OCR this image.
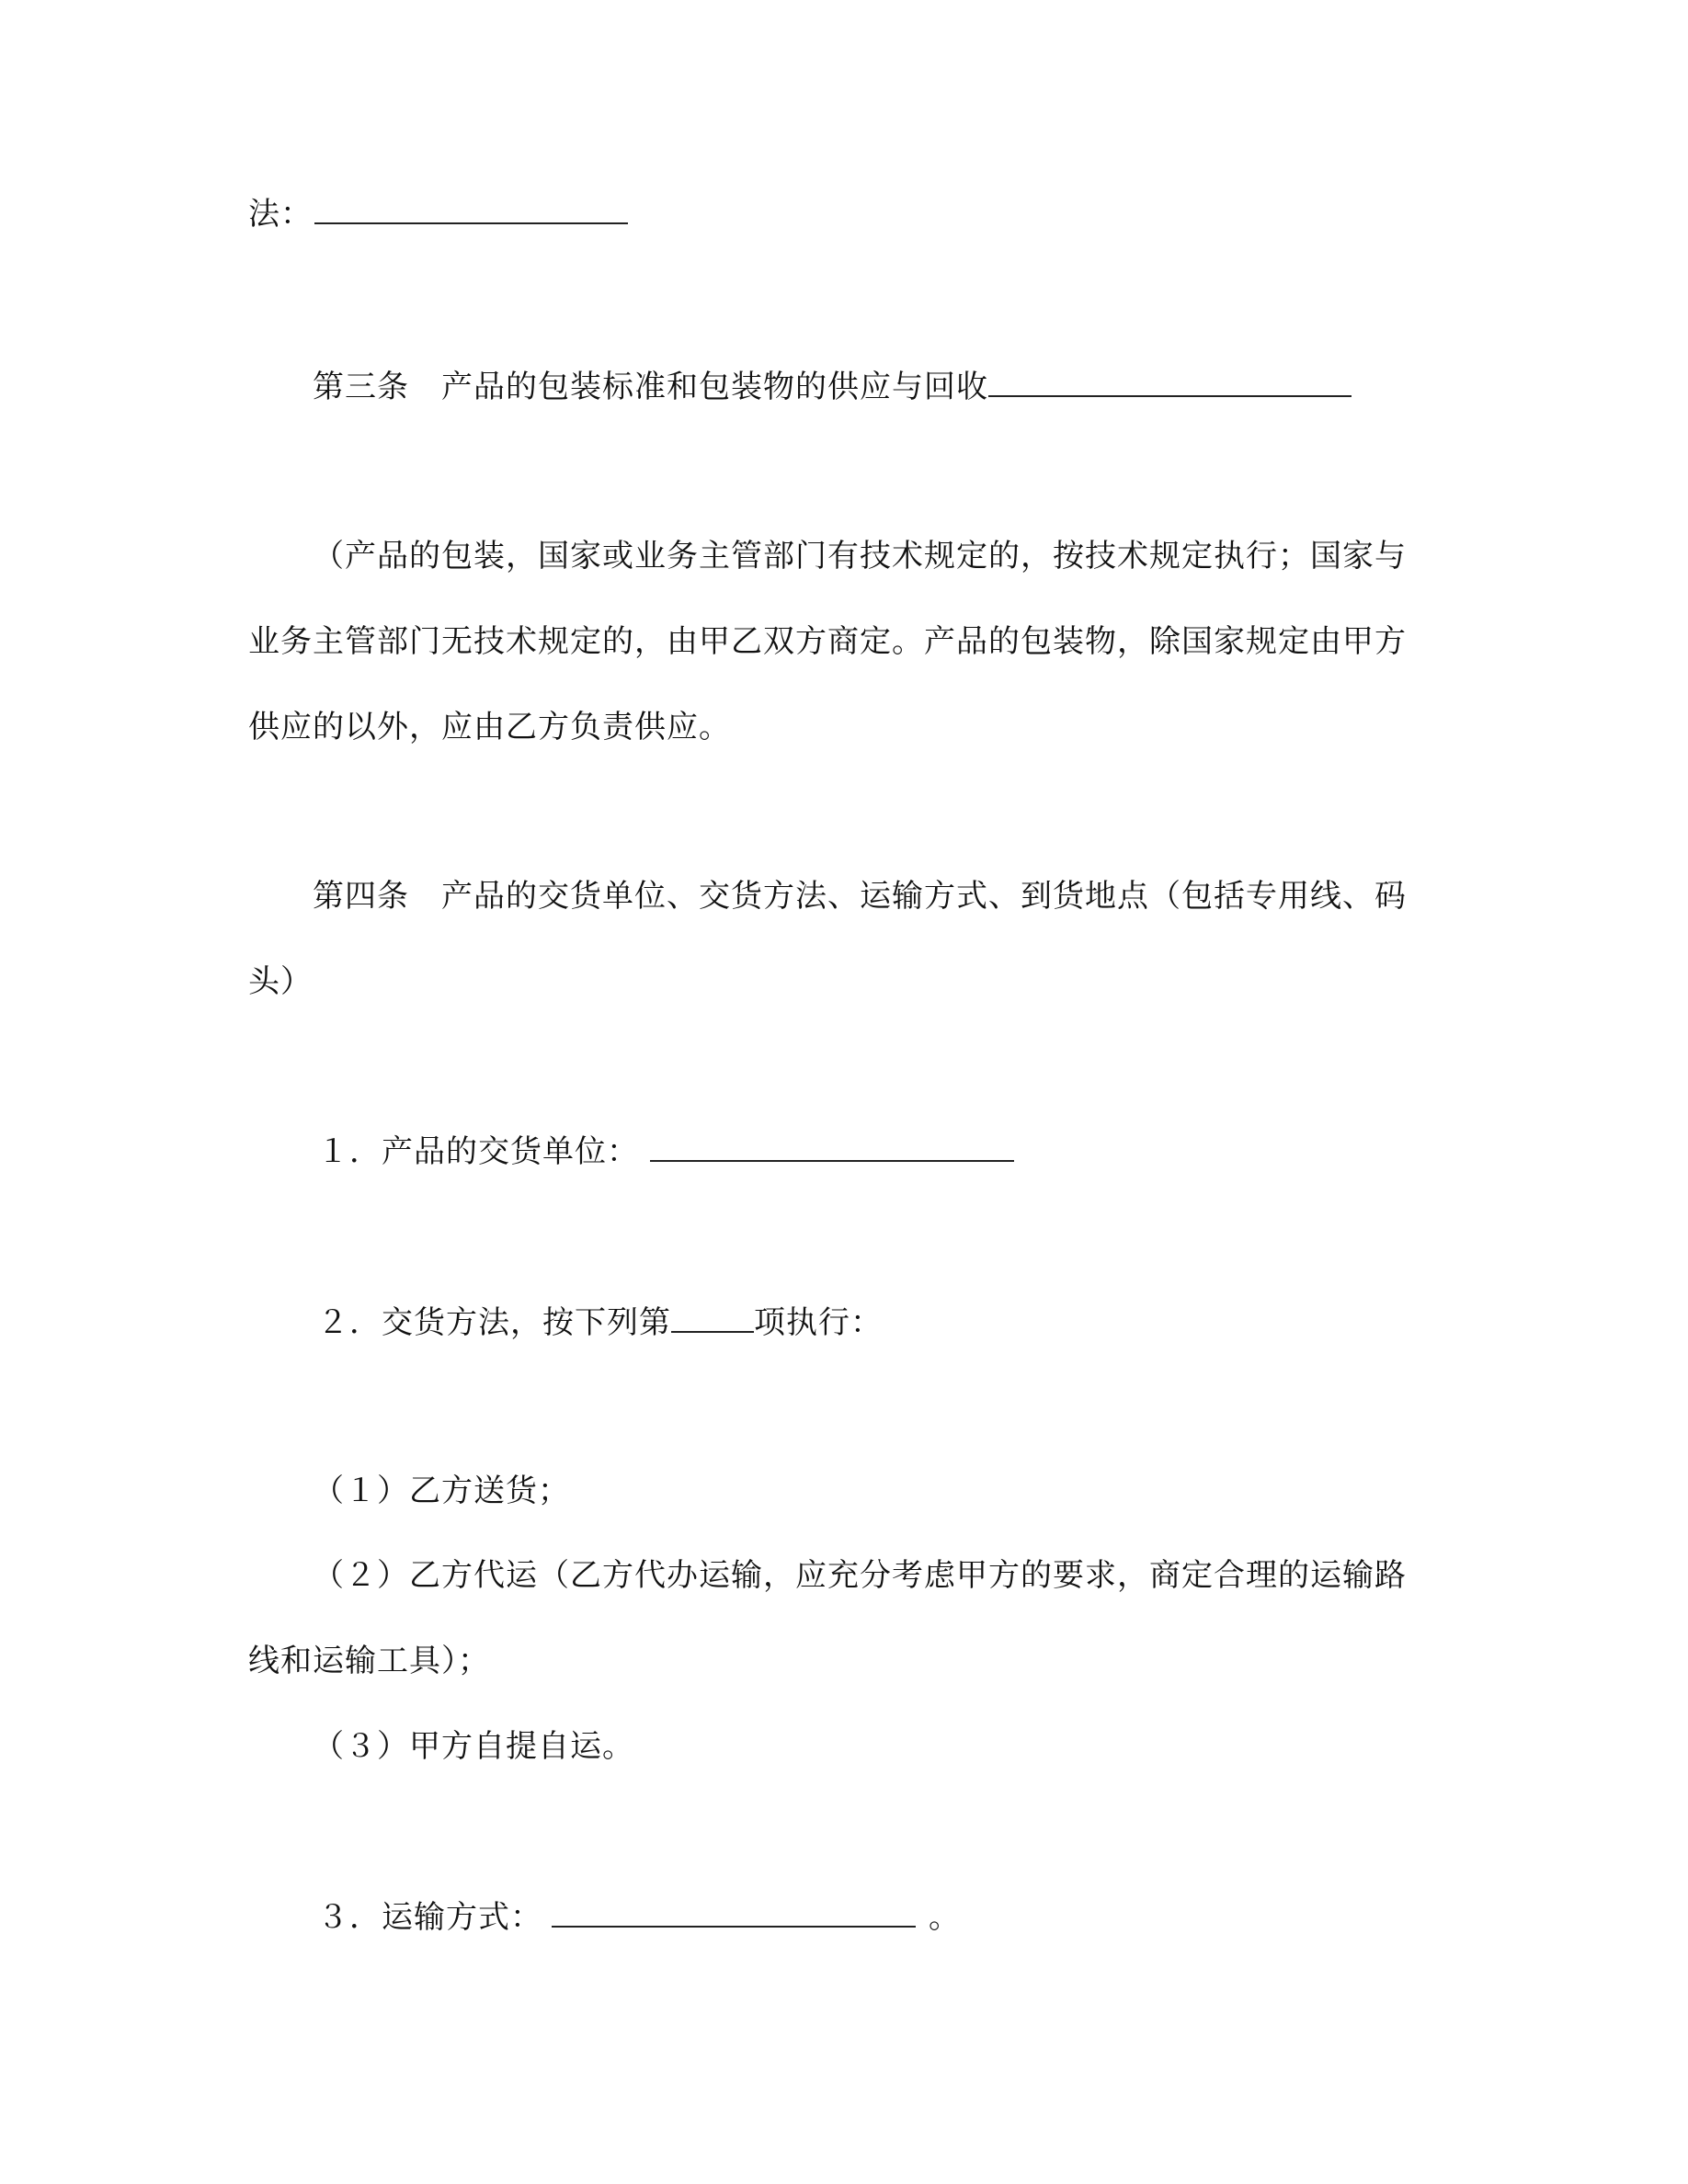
法：
第三条　产品的包装标准和包装物的供应与回收
（产品的包装，国家或业务主管部门有技术规定的，按技术规定执行；国家与
业务主管部门无技术规定的，由甲乙双方商定。产品的包装物，除国家规定由甲方
供应的以外，应由乙方负责供应。
第四条　产品的交货单位、交货方法、运输方式、到货地点（包括专用线、码
头）
１．产品的交货单位：
２．交货方法，按下列第	项执行：
（１）乙方送货；
（２）乙方代运（乙方代办运输，应充分考虑甲方的要求，商定合理的运输路
线和运输工具）；
（３）甲方自提自运。
３．运输方式：	。
